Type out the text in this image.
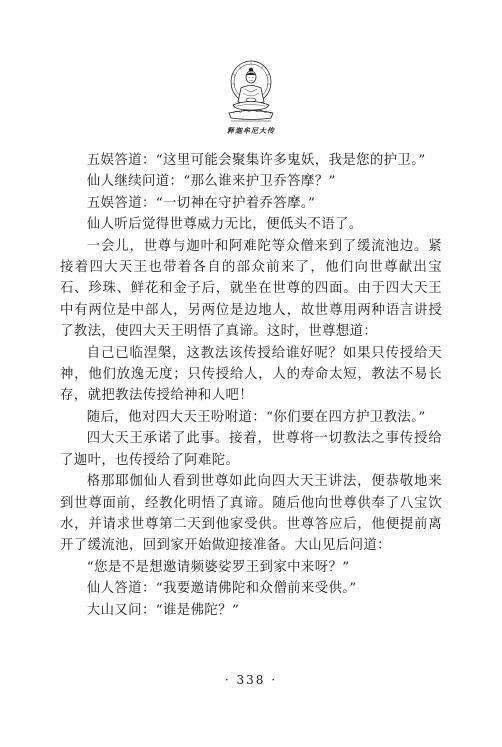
释迦牟尼大传

五娱答道：“这里可能会聚集许多鬼妖，我是您的护卫。”

仙人继续问道：“那么谁来护卫乔答摩？”

五娱答道：“一切神在守护着乔答摩。”

仙人听后觉得世尊威力无比，便低头不语了。

一会儿，世尊与迦叶和阿难陀等众僧来到了缓流池边。紧接着四大天王也带着各自的部众前来了，他们向世尊献出宝石、珍珠、鲜花和金子后，就坐在世尊的四面。由于四大天王中有两位是中部人，另两位是边地人，故世尊用两种语言讲授了教法，使四大天王明悟了真谛。这时，世尊想道：

自己已临涅槃，这教法该传授给谁好呢？如果只传授给天神，他们放逸无度；只传授给人，人的寿命太短，教法不易长存，就把教法传授给神和人吧！

随后，他对四大天王吩咐道：“你们要在四方护卫教法。”

四大天王承诺了此事。接着，世尊将一切教法之事传授给了迦叶，也传授给了阿难陀。

格那耶伽仙人看到世尊如此向四大天王讲法，便恭敬地来到世尊面前，经教化明悟了真谛。随后他向世尊供奉了八宝饮水，并请求世尊第二天到他家受供。世尊答应后，他便提前离开了缓流池，回到家开始做迎接准备。大山见后问道：

“您是不是想邀请频婆娑罗王到家中来呀？”

仙人答道：“我要邀请佛陀和众僧前来受供。”

大山又问：“谁是佛陀？”

· 338 ·
